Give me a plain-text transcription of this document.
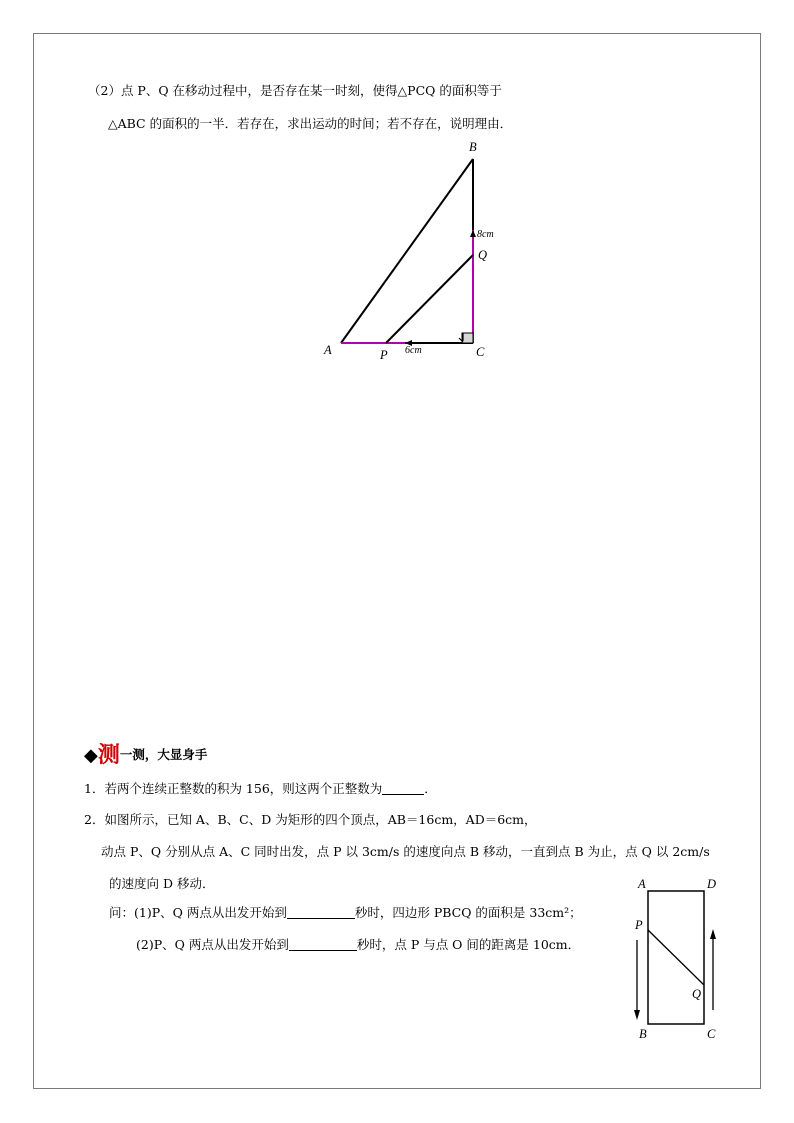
（2）点 P、Q 在移动过程中，是否存在某一时刻，使得△PCQ 的面积等于
△ABC 的面积的一半．若存在，求出运动的时间；若不存在，说明理由．
B
A	P	C
Q
8cm
6cm
◆测一测，大显身手
1．若两个连续正整数的积为 156，则这两个正整数为	．
2．如图所示，已知 A、B、C、D 为矩形的四个顶点，AB＝16cm，AD＝6cm，
动点 P、Q 分别从点 A、C 同时出发，点 P 以 3cm/s 的速度向点 B 移动，一直到点 B 为止，点 Q 以 2cm/s
的速度向 D 移动．
问：(1)P、Q 两点从出发开始到	秒时，四边形 PBCQ 的面积是 33cm²；
(2)P、Q 两点从出发开始到	秒时，点 P 与点 O 间的距离是 10cm．
A	D
P
Q
B	C
